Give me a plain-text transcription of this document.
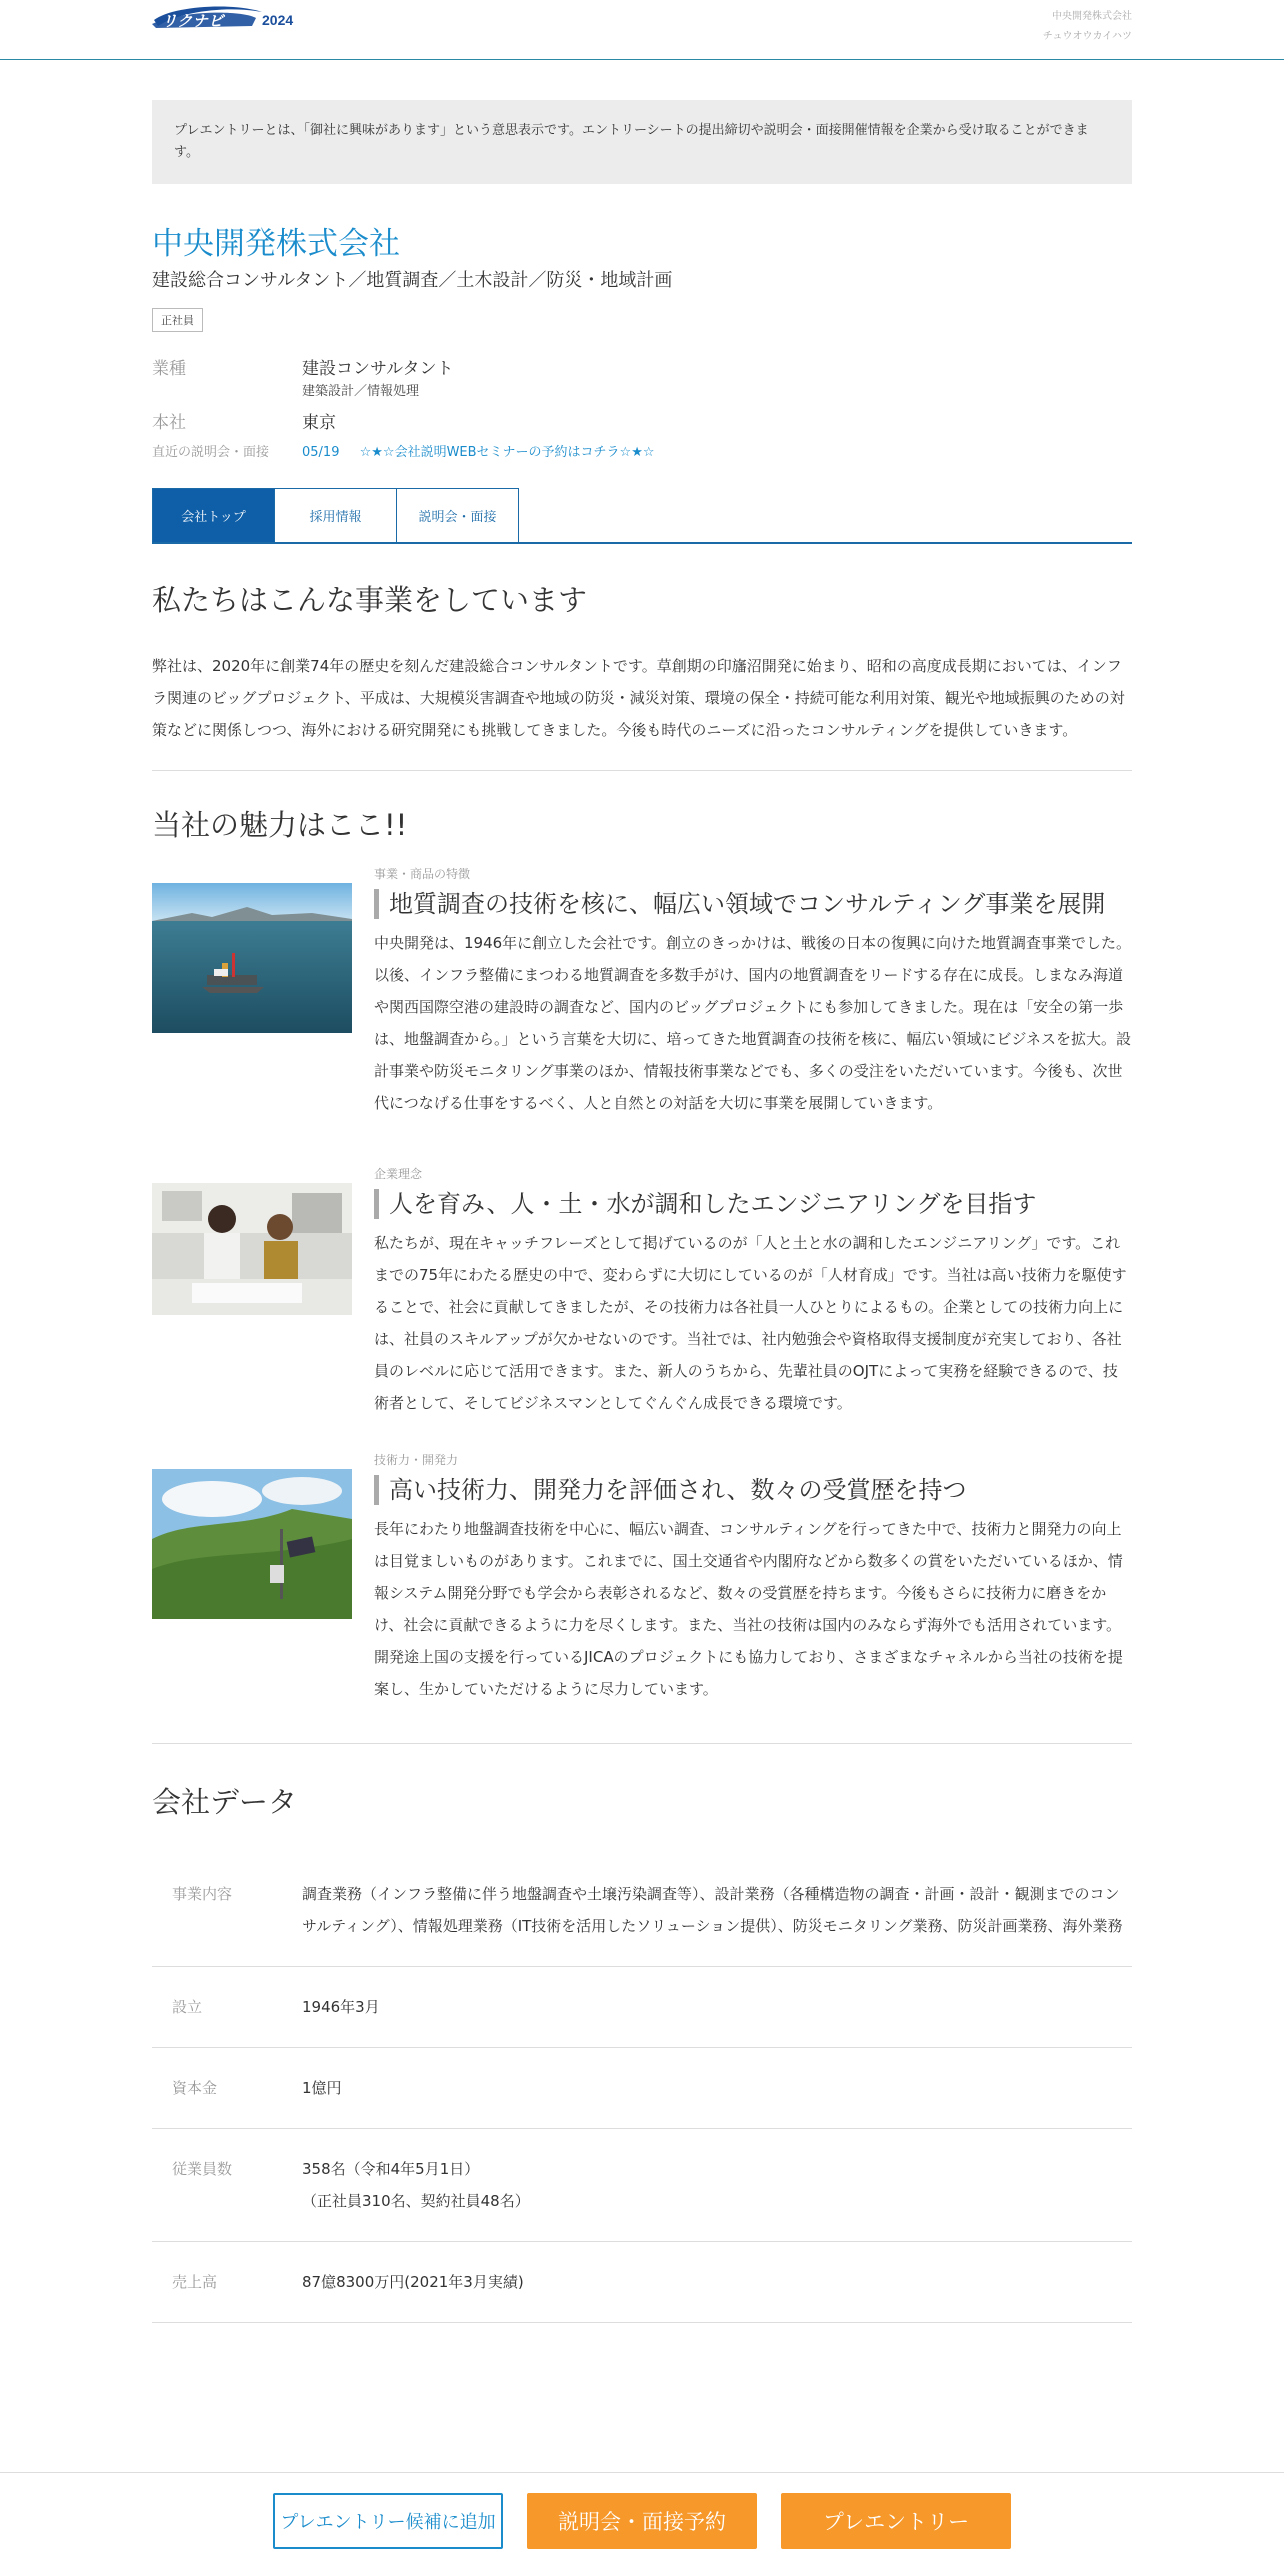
リクナビ	2024	中央開発株式会社
チュウオウカイハツ
プレエントリーとは、「御社に興味があります」という意思表示です。エントリーシートの提出締切や説明会・面接開催情報を企業から受け取ることができます。
中央開発株式会社
建設総合コンサルタント／地質調査／土木設計／防災・地域計画
正社員
業種	建設コンサルタント
建築設計／情報処理
本社	東京
直近の説明会・面接	05/19 ☆★☆会社説明WEBセミナーの予約はコチラ☆★☆
会社トップ	採用情報	説明会・面接
私たちはこんな事業をしています

弊社は、2020年に創業74年の歴史を刻んだ建設総合コンサルタントです。草創期の印旛沼開発に始まり、昭和の高度成長期においては、インフラ関連のビッグプロジェクト、平成は、大規模災害調査や地域の防災・減災対策、環境の保全・持続可能な利用対策、観光や地域振興のための対策などに関係しつつ、海外における研究開発にも挑戦してきました。今後も時代のニーズに沿ったコンサルティングを提供していきます。

当社の魅力はここ!!
事業・商品の特徴
地質調査の技術を核に、幅広い領域でコンサルティング事業を展開

中央開発は、1946年に創立した会社です。創立のきっかけは、戦後の日本の復興に向けた地質調査事業でした。以後、インフラ整備にまつわる地質調査を多数手がけ、国内の地質調査をリードする存在に成長。しまなみ海道や関西国際空港の建設時の調査など、国内のビッグプロジェクトにも参加してきました。現在は「安全の第一歩は、地盤調査から。」という言葉を大切に、培ってきた地質調査の技術を核に、幅広い領域にビジネスを拡大。設計事業や防災モニタリング事業のほか、情報技術事業などでも、多くの受注をいただいています。今後も、次世代につなげる仕事をするべく、人と自然との対話を大切に事業を展開していきます。

企業理念
人を育み、人・土・水が調和したエンジニアリングを目指す

私たちが、現在キャッチフレーズとして掲げているのが「人と土と水の調和したエンジニアリング」です。これまでの75年にわたる歴史の中で、変わらずに大切にしているのが「人材育成」です。当社は高い技術力を駆使することで、社会に貢献してきましたが、その技術力は各社員一人ひとりによるもの。企業としての技術力向上には、社員のスキルアップが欠かせないのです。当社では、社内勉強会や資格取得支援制度が充実しており、各社員のレベルに応じて活用できます。また、新人のうちから、先輩社員のOJTによって実務を経験できるので、技術者として、そしてビジネスマンとしてぐんぐん成長できる環境です。

技術力・開発力
高い技術力、開発力を評価され、数々の受賞歴を持つ

長年にわたり地盤調査技術を中心に、幅広い調査、コンサルティングを行ってきた中で、技術力と開発力の向上は目覚ましいものがあります。これまでに、国土交通省や内閣府などから数多くの賞をいただいているほか、情報システム開発分野でも学会から表彰されるなど、数々の受賞歴を持ちます。今後もさらに技術力に磨きをかけ、社会に貢献できるように力を尽くします。また、当社の技術は国内のみならず海外でも活用されています。開発途上国の支援を行っているJICAのプロジェクトにも協力しており、さまざまなチャネルから当社の技術を提案し、生かしていただけるように尽力しています。

会社データ
事業内容	調査業務（インフラ整備に伴う地盤調査や土壌汚染調査等）、設計業務（各種構造物の調査・計画・設計・観測までのコンサルティング）、情報処理業務（IT技術を活用したソリューション提供）、防災モニタリング業務、防災計画業務、海外業務
設立	1946年3月
資本金	1億円
従業員数	358名（令和4年5月1日）
（正社員310名、契約社員48名）
売上高	87億8300万円(2021年3月実績)
プレエントリー候補に追加	説明会・面接予約	プレエントリー
